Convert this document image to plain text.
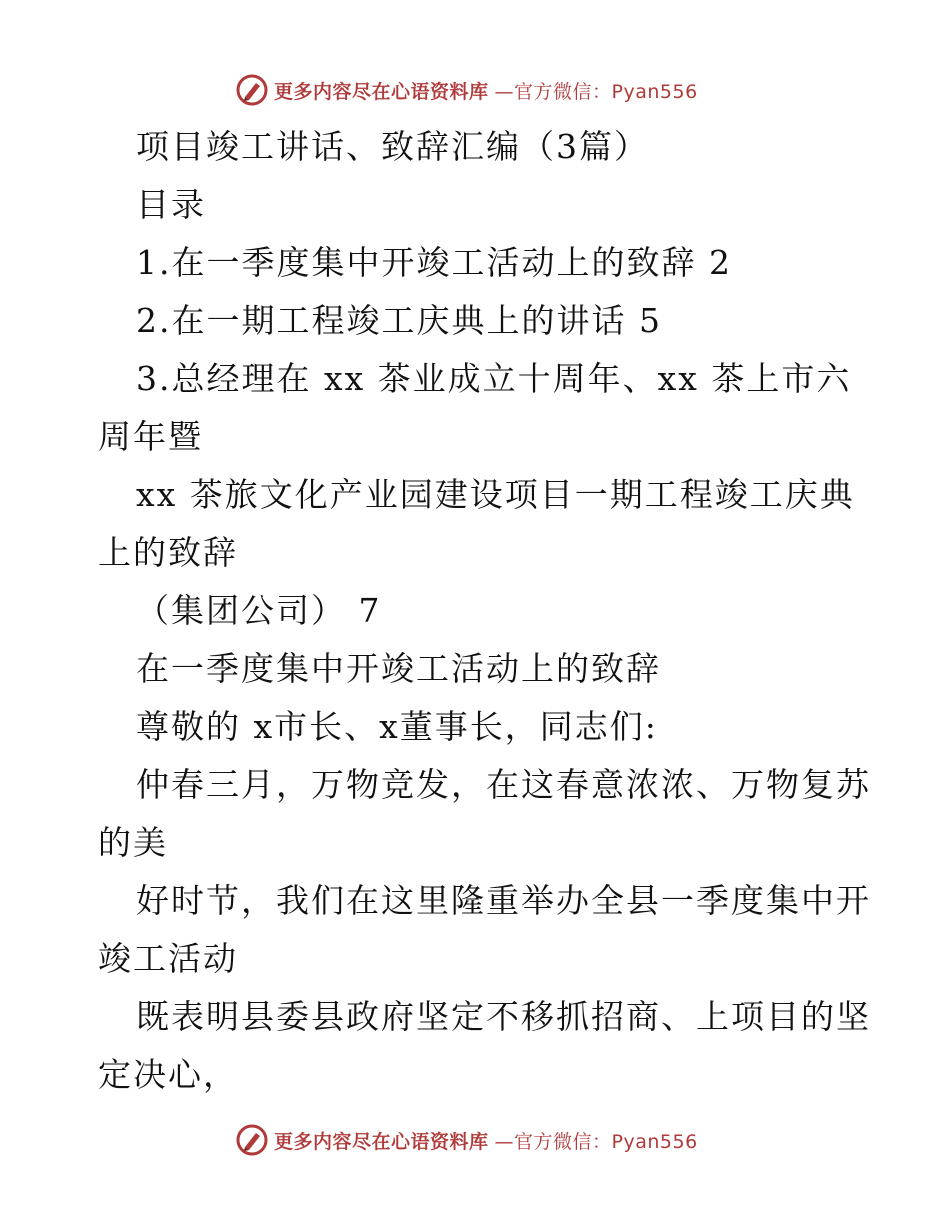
更多内容尽在心语资料库 —官方微信：Pyan556
项目竣工讲话、致辞汇编（3篇）
目录
1.在一季度集中开竣工活动上的致辞 2
2.在一期工程竣工庆典上的讲话 5
3.总经理在 xx 茶业成立十周年、xx 茶上市六
周年暨
xx 茶旅文化产业园建设项目一期工程竣工庆典
上的致辞
（集团公司） 7
在一季度集中开竣工活动上的致辞
尊敬的 x市长、x董事长，同志们:
仲春三月，万物竞发，在这春意浓浓、万物复苏
的美
好时节，我们在这里隆重举办全县一季度集中开
竣工活动
既表明县委县政府坚定不移抓招商、上项目的坚
定决心，
更多内容尽在心语资料库 —官方微信：Pyan556
